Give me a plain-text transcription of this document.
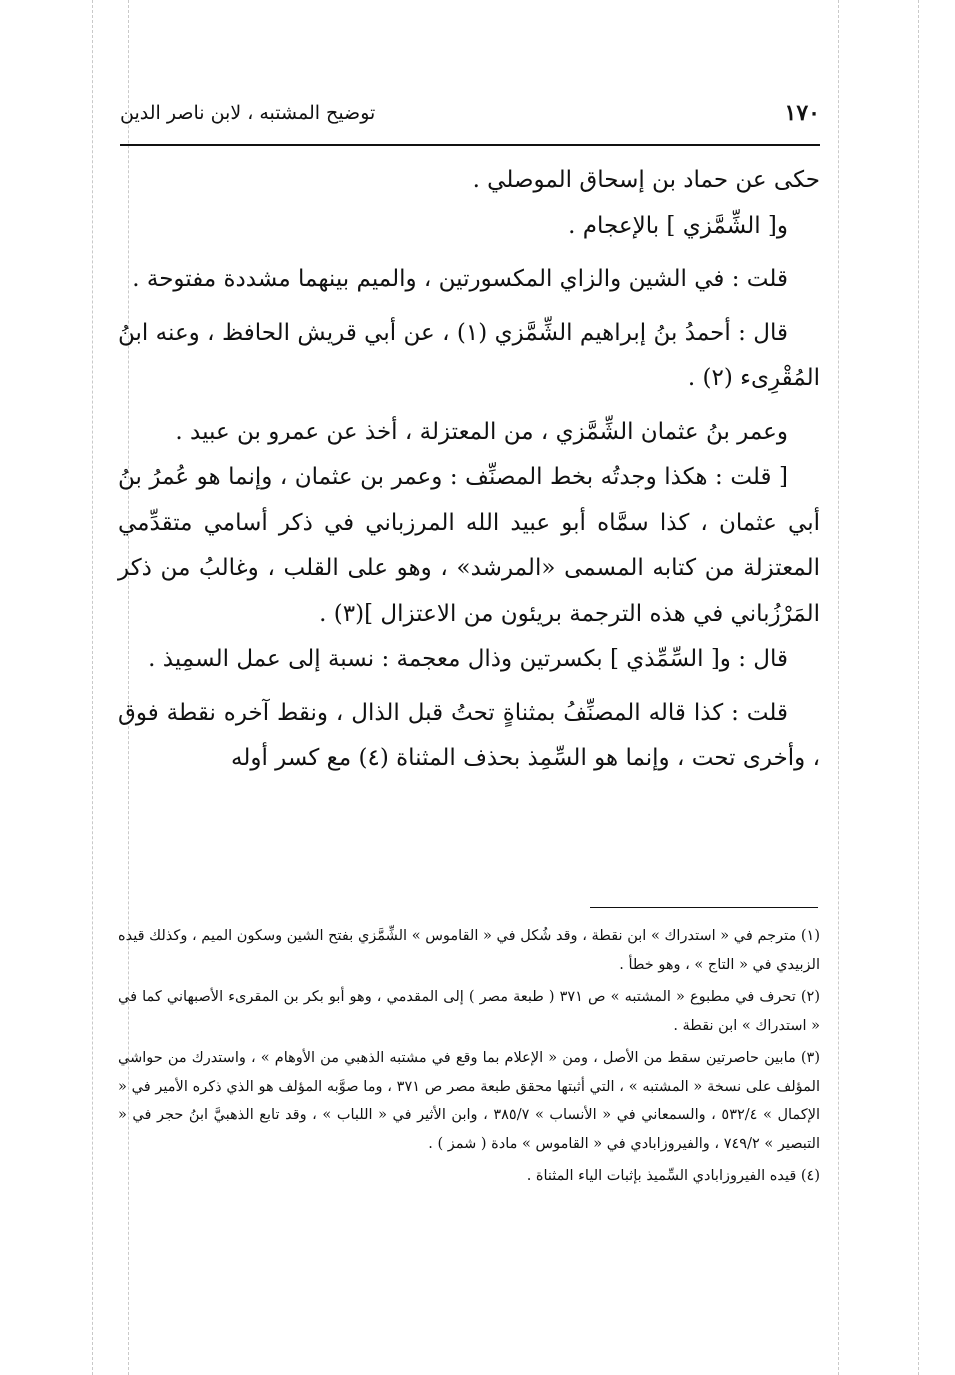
١٧٠
توضيح المشتبه ، لابن ناصر الدين

حكى عن حماد بن إسحاق الموصلي .

و[ الشِّمَّزي ] بالإعجام .

قلت : في الشين والزاي المكسورتين ، والميم بينهما مشددة مفتوحة .

قال : أحمدُ بنُ إبراهيم الشِّمَّزي (١) ، عن أبي قريش الحافظ ، وعنه ابنُ المُقْرِىء (٢) .

وعمر بنُ عثمان الشِّمَّزي ، من المعتزلة ، أخذ عن عمرو بن عبيد .

[ قلت : هكذا وجدتُه بخط المصنِّف : وعمر بن عثمان ، وإنما هو عُمرُ بنُ أبي عثمان ، كذا سمَّاه أبو عبيد الله المرزباني في ذكر أسامي متقدِّمي المعتزلة من كتابه المسمى «المرشد» ، وهو على القلب ، وغالبُ من ذكر المَرْزُباني في هذه الترجمة بريئون من الاعتزال ](٣) .

قال : و[ السِّمِّذي ] بكسرتين وذال معجمة : نسبة إلى عمل السمِيذ .

قلت : كذا قاله المصنِّفُ بمثناةٍ تحتُ قبل الذال ، ونقط آخره نقطة فوق ، وأخرى تحت ، وإنما هو السِّمِذ بحذف المثناة (٤) مع كسر أوله

(١) مترجم في « استدراك » ابن نقطة ، وقد شُكل في « القاموس » الشِّمَّزي بفتح الشين وسكون الميم ، وكذلك قيده الزبيدي في « التاج » ، وهو خطأ .

(٢) تحرف في مطبوع « المشتبه » ص ٣٧١ ( طبعة مصر ) إلى المقدمي ، وهو أبو بكر بن المقرىء الأصبهاني كما في « استدراك » ابن نقطة .

(٣) مابين حاصرتين سقط من الأصل ، ومن « الإعلام بما وقع في مشتبه الذهبي من الأوهام » ، واستدرك من حواشي المؤلف على نسخة « المشتبه » ، التي أثبتها محقق طبعة مصر ص ٣٧١ ، وما صوَّبه المؤلف هو الذي ذكره الأمير في « الإكمال » ٥٣٢/٤ ، والسمعاني في « الأنساب » ٣٨٥/٧ ، وابن الأثير في « اللباب » ، وقد تابع الذهبيَّ ابنُ حجر في « التبصير » ٧٤٩/٢ ، والفيروزابادي في « القاموس » مادة ( شمز ) .

(٤) قيده الفيروزابادي السِّميذ بإثبات الياء المثناة .
